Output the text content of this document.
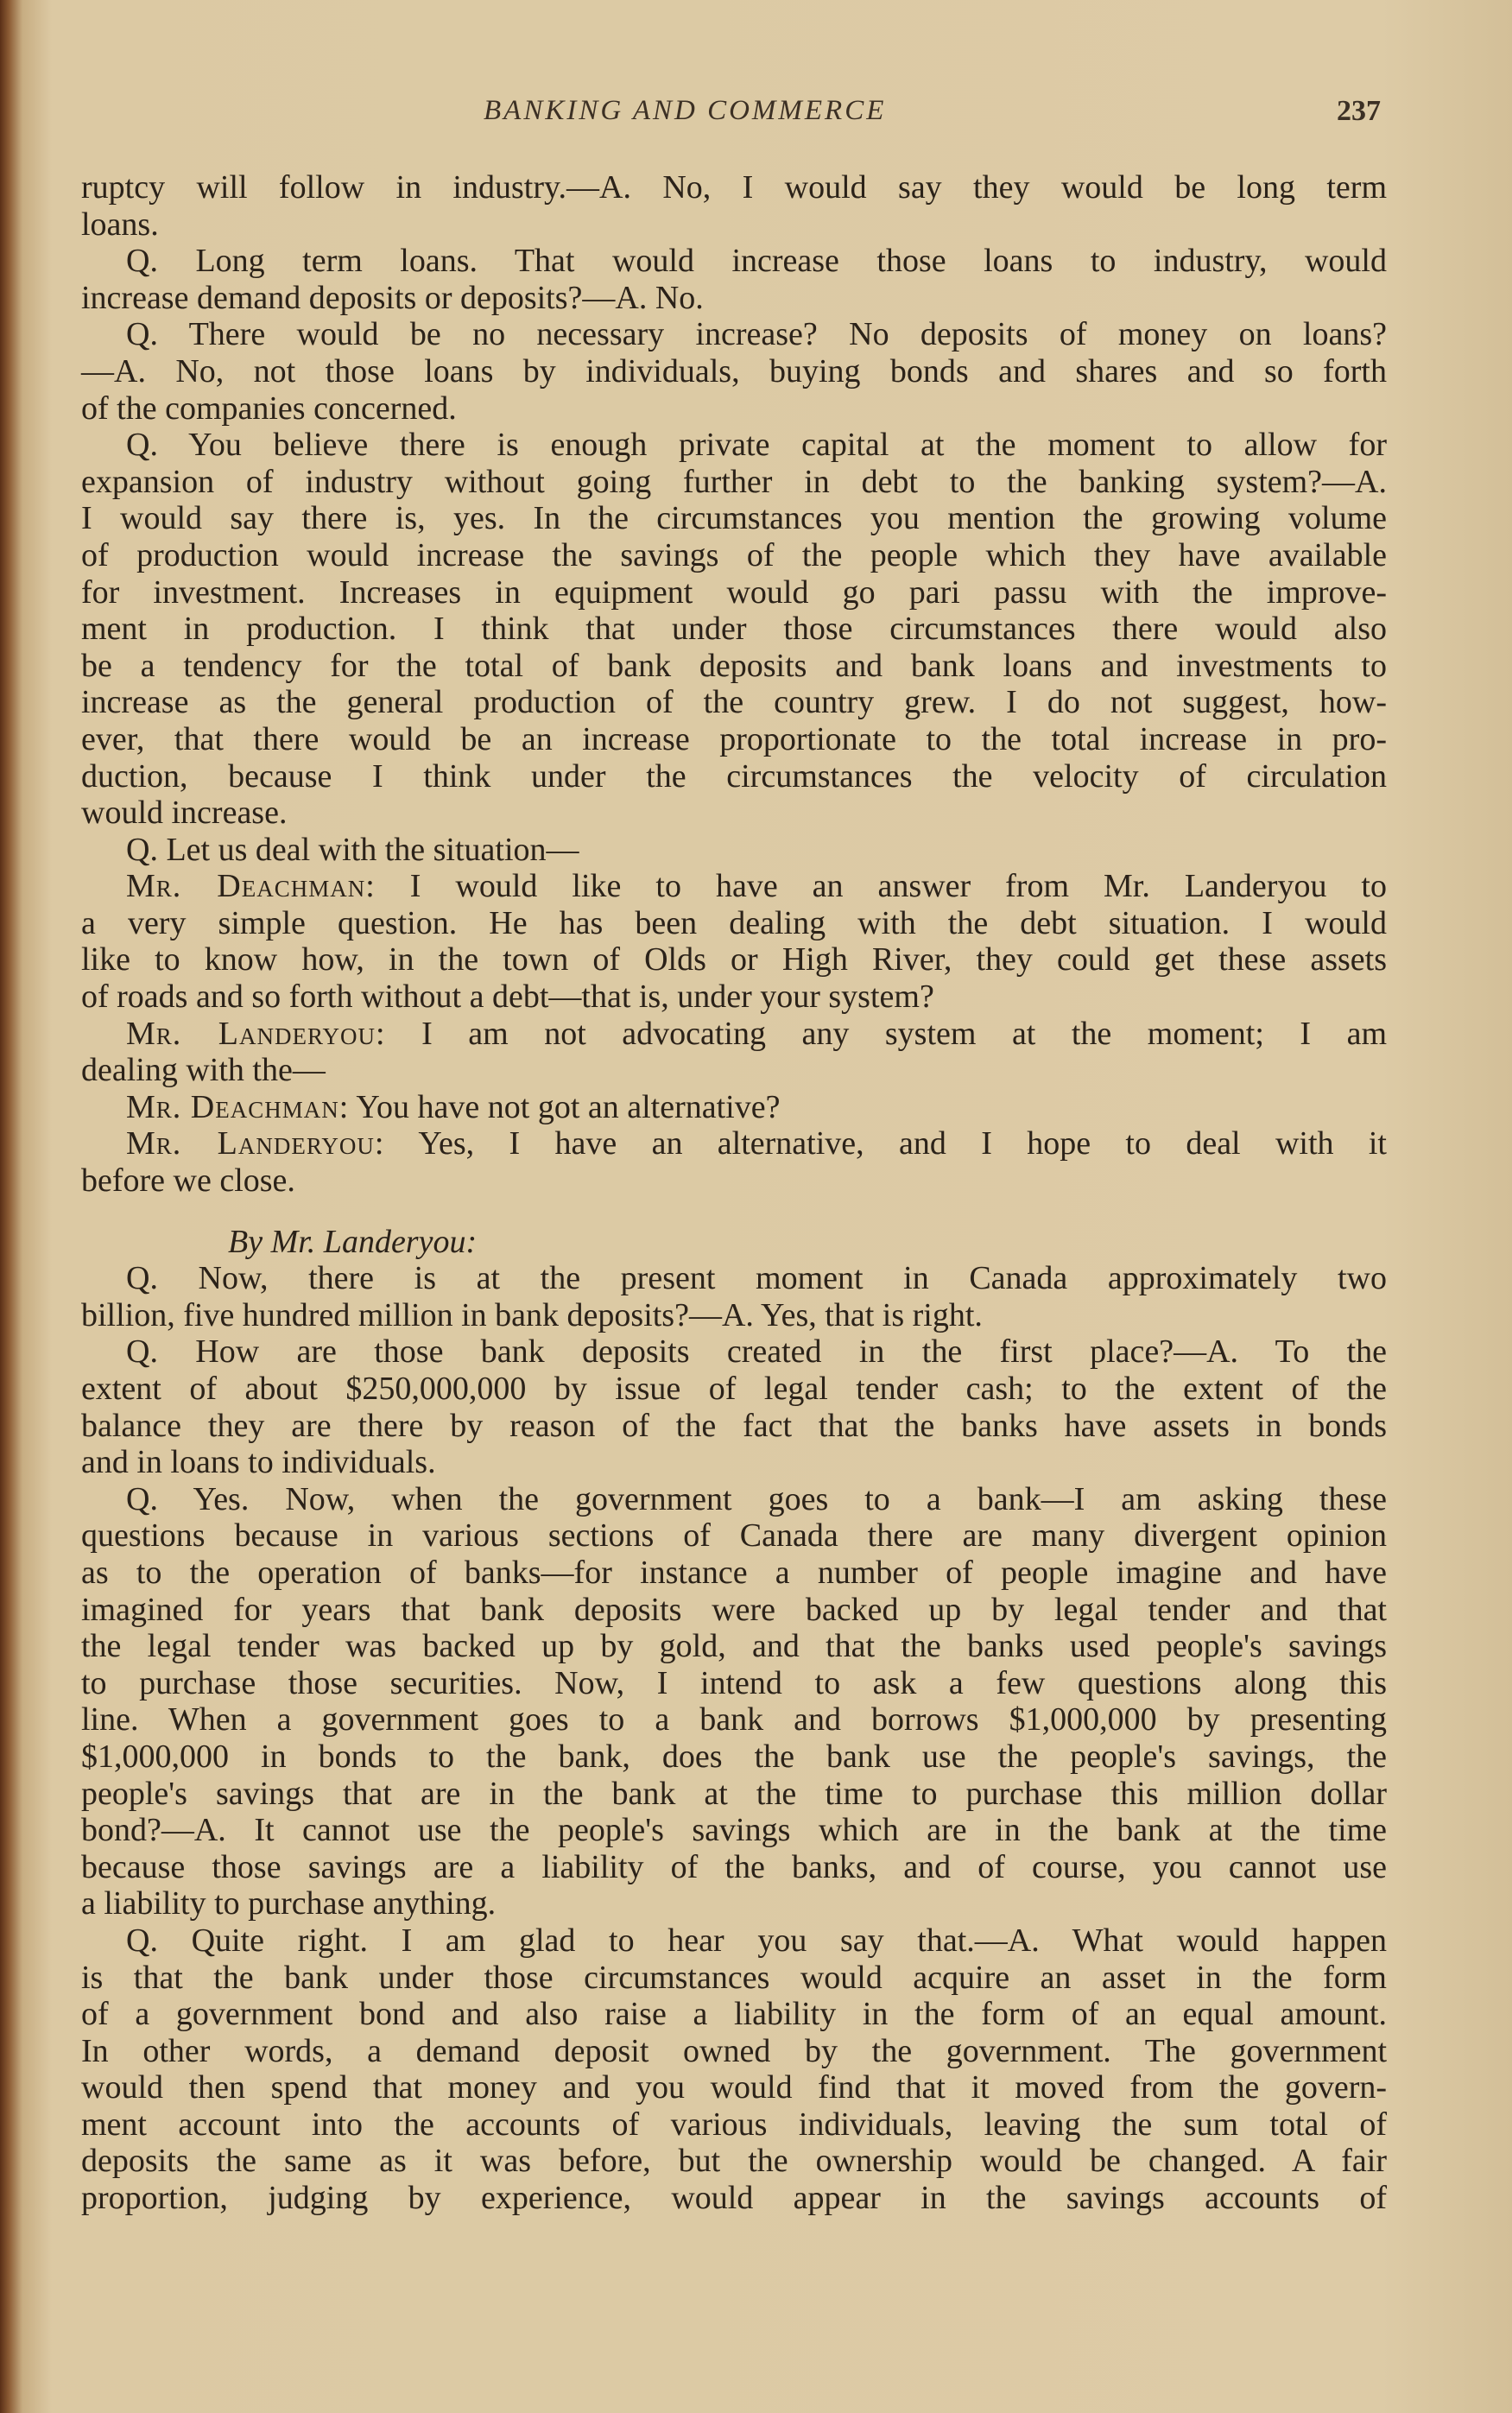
BANKING AND COMMERCE	237
ruptcy will follow in industry.—A. No, I would say they would be long term
loans.
Q. Long term loans. That would increase those loans to industry, would
increase demand deposits or deposits?—A. No.
Q. There would be no necessary increase? No deposits of money on loans?
—A. No, not those loans by individuals, buying bonds and shares and so forth
of the companies concerned.
Q. You believe there is enough private capital at the moment to allow for
expansion of industry without going further in debt to the banking system?—A.
I would say there is, yes. In the circumstances you mention the growing volume
of production would increase the savings of the people which they have available
for investment. Increases in equipment would go pari passu with the improve-
ment in production. I think that under those circumstances there would also
be a tendency for the total of bank deposits and bank loans and investments to
increase as the general production of the country grew. I do not suggest, how-
ever, that there would be an increase proportionate to the total increase in pro-
duction, because I think under the circumstances the velocity of circulation
would increase.
Q. Let us deal with the situation—
Mr. Deachman: I would like to have an answer from Mr. Landeryou to
a very simple question. He has been dealing with the debt situation. I would
like to know how, in the town of Olds or High River, they could get these assets
of roads and so forth without a debt—that is, under your system?
Mr. Landeryou: I am not advocating any system at the moment; I am
dealing with the—
Mr. Deachman: You have not got an alternative?
Mr. Landeryou: Yes, I have an alternative, and I hope to deal with it
before we close.
By Mr. Landeryou:
Q. Now, there is at the present moment in Canada approximately two
billion, five hundred million in bank deposits?—A. Yes, that is right.
Q. How are those bank deposits created in the first place?—A. To the
extent of about $250,000,000 by issue of legal tender cash; to the extent of the
balance they are there by reason of the fact that the banks have assets in bonds
and in loans to individuals.
Q. Yes. Now, when the government goes to a bank—I am asking these
questions because in various sections of Canada there are many divergent opinion
as to the operation of banks—for instance a number of people imagine and have
imagined for years that bank deposits were backed up by legal tender and that
the legal tender was backed up by gold, and that the banks used people's savings
to purchase those securities. Now, I intend to ask a few questions along this
line. When a government goes to a bank and borrows $1,000,000 by presenting
$1,000,000 in bonds to the bank, does the bank use the people's savings, the
people's savings that are in the bank at the time to purchase this million dollar
bond?—A. It cannot use the people's savings which are in the bank at the time
because those savings are a liability of the banks, and of course, you cannot use
a liability to purchase anything.
Q. Quite right. I am glad to hear you say that.—A. What would happen
is that the bank under those circumstances would acquire an asset in the form
of a government bond and also raise a liability in the form of an equal amount.
In other words, a demand deposit owned by the government. The government
would then spend that money and you would find that it moved from the govern-
ment account into the accounts of various individuals, leaving the sum total of
deposits the same as it was before, but the ownership would be changed. A fair
proportion, judging by experience, would appear in the savings accounts of
